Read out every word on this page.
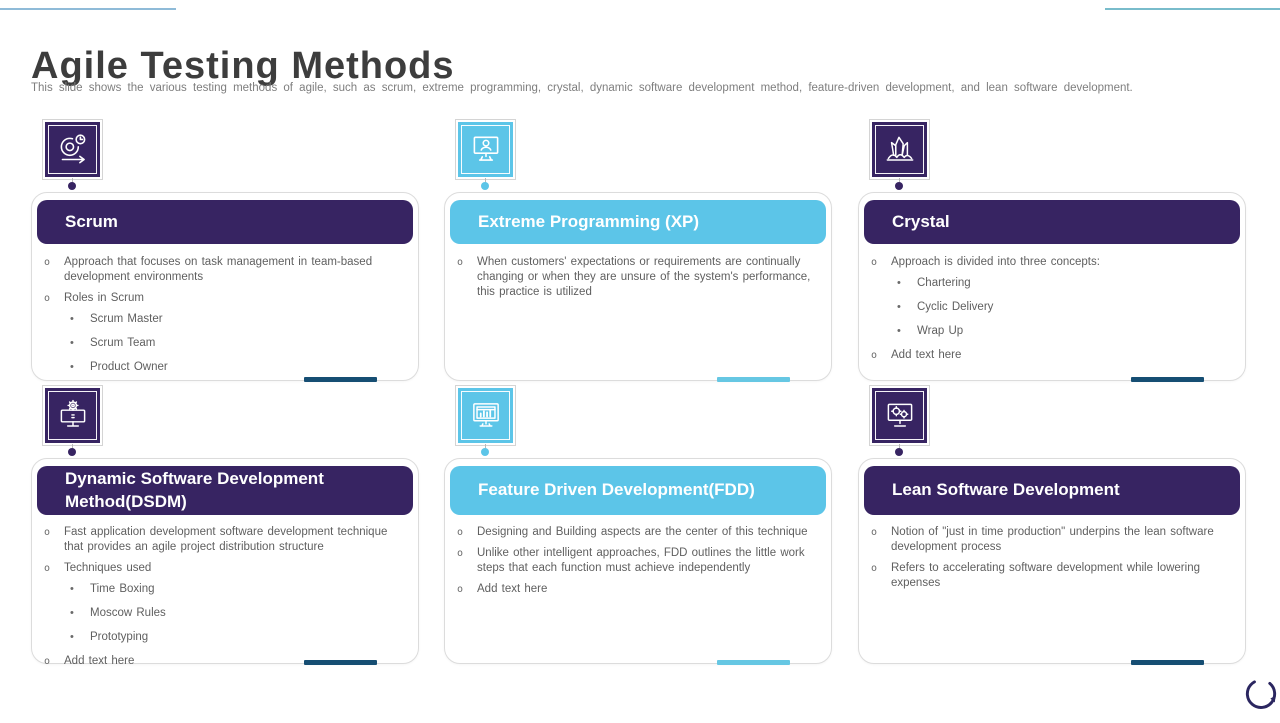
Agile Testing Methods
This slide shows the various testing methods of agile, such as scrum, extreme programming, crystal, dynamic software development method, feature-driven development, and lean software development.
Scrum
o Approach that focuses on task management in team-based development environments
o Roles in Scrum
• Scrum Master
• Scrum Team
• Product Owner
Extreme Programming (XP)
o When customers' expectations or requirements are continually changing or when they are unsure of the system's performance, this practice is utilized
Crystal
o Approach is divided into three concepts:
• Chartering
• Cyclic Delivery
• Wrap Up
o Add text here
Dynamic Software Development Method(DSDM)
o Fast application development software development technique that provides an agile project distribution structure
o Techniques used
• Time Boxing
• Moscow Rules
• Prototyping
o Add text here
Feature Driven Development(FDD)
o Designing and Building aspects are the center of this technique
o Unlike other intelligent approaches, FDD outlines the little work steps that each function must achieve independently
o Add text here
Lean Software Development
o Notion of "just in time production" underpins the lean software development process
o Refers to accelerating software development while lowering expenses
